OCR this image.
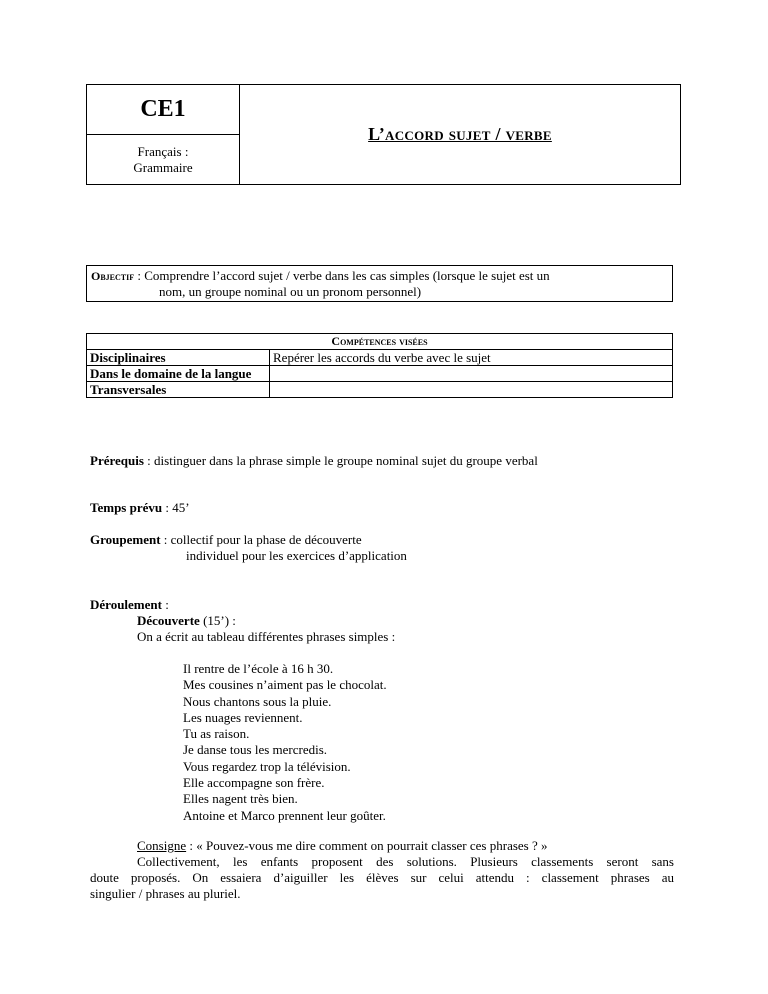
CE1
Français :
Grammaire
L’accord sujet / verbe
Objectif : Comprendre l’accord sujet / verbe dans les cas simples (lorsque le sujet est un
nom, un groupe nominal ou un pronom personnel)
Compétences visées	
Disciplinaires	Repérer les accords du verbe avec le sujet
Dans le domaine de la langue	
Transversales	
Prérequis : distinguer dans la phrase simple le groupe nominal sujet du groupe verbal
Temps prévu : 45’
Groupement : collectif pour la phase de découverte
individuel pour les exercices d’application
Déroulement :
Découverte (15’) :
On a écrit au tableau différentes phrases simples :
Il rentre de l’école à 16 h 30.
Mes cousines n’aiment pas le chocolat.
Nous chantons sous la pluie.
Les nuages reviennent.
Tu as raison.
Je danse tous les mercredis.
Vous regardez trop la télévision.
Elle accompagne son frère.
Elles nagent très bien.
Antoine et Marco prennent leur goûter.
Consigne : « Pouvez-vous me dire comment on pourrait classer ces phrases ? »
Collectivement, les enfants proposent des solutions. Plusieurs classements seront sans
doute proposés. On essaiera d’aiguiller les élèves sur celui attendu : classement phrases au
singulier / phrases au pluriel.
